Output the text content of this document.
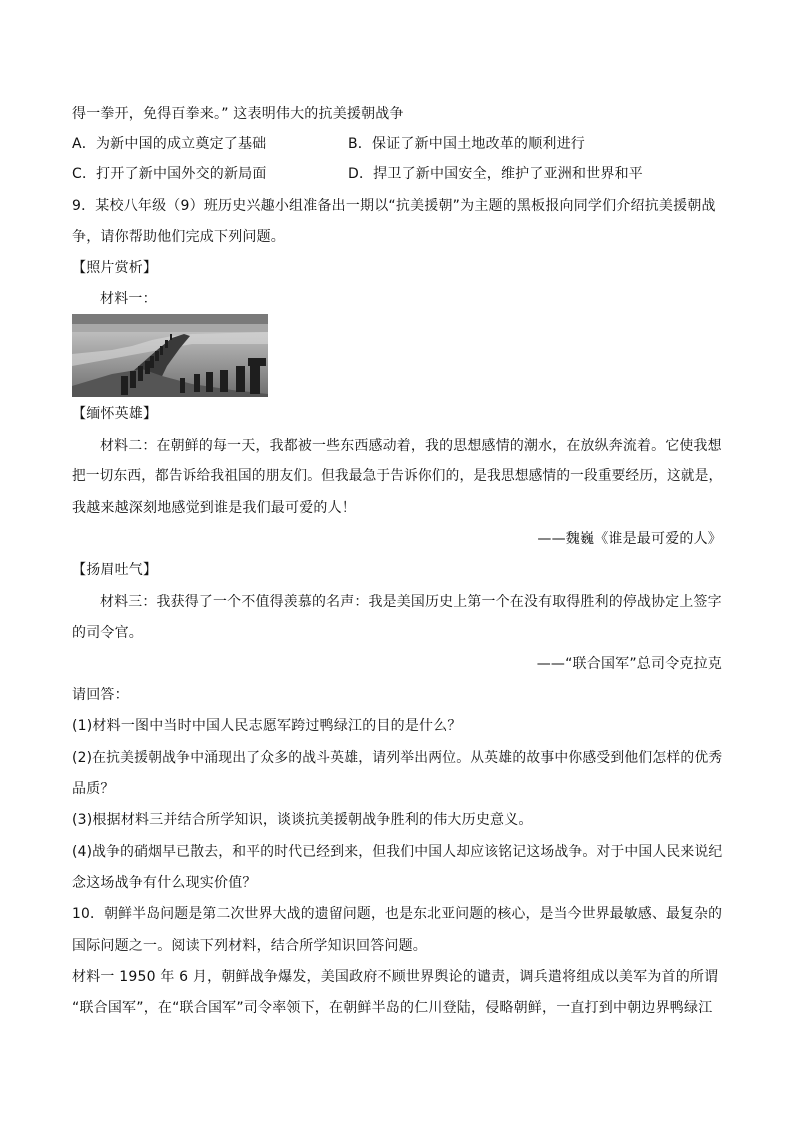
得一拳开，免得百拳来。” 这表明伟大的抗美援朝战争
A．为新中国的成立奠定了基础	B．保证了新中国土地改革的顺利进行
C．打开了新中国外交的新局面	D．捍卫了新中国安全，维护了亚洲和世界和平
9．某校八年级（9）班历史兴趣小组准备出一期以“抗美援朝”为主题的黑板报向同学们介绍抗美援朝战
争，请你帮助他们完成下列问题。
【照片赏析】
材料一：
【缅怀英雄】
材料二：在朝鲜的每一天，我都被一些东西感动着，我的思想感情的潮水，在放纵奔流着。它使我想
把一切东西，都告诉给我祖国的朋友们。但我最急于告诉你们的，是我思想感情的一段重要经历，这就是，
我越来越深刻地感觉到谁是我们最可爱的人！
——魏巍《谁是最可爱的人》
【扬眉吐气】
材料三：我获得了一个不值得羡慕的名声：我是美国历史上第一个在没有取得胜利的停战协定上签字
的司令官。
——“联合国军”总司令克拉克
请回答：
(1)材料一图中当时中国人民志愿军跨过鸭绿江的目的是什么？
(2)在抗美援朝战争中涌现出了众多的战斗英雄，请列举出两位。从英雄的故事中你感受到他们怎样的优秀
品质？
(3)根据材料三并结合所学知识，谈谈抗美援朝战争胜利的伟大历史意义。
(4)战争的硝烟早已散去，和平的时代已经到来，但我们中国人却应该铭记这场战争。对于中国人民来说纪
念这场战争有什么现实价值？
10．朝鲜半岛问题是第二次世界大战的遗留问题，也是东北亚问题的核心，是当今世界最敏感、最复杂的
国际问题之一。阅读下列材料，结合所学知识回答问题。
材料一 1950 年 6 月，朝鲜战争爆发，美国政府不顾世界舆论的谴责，调兵遣将组成以美军为首的所谓
“联合国军”，在“联合国军”司令率领下，在朝鲜半岛的仁川登陆，侵略朝鲜，一直打到中朝边界鸭绿江
